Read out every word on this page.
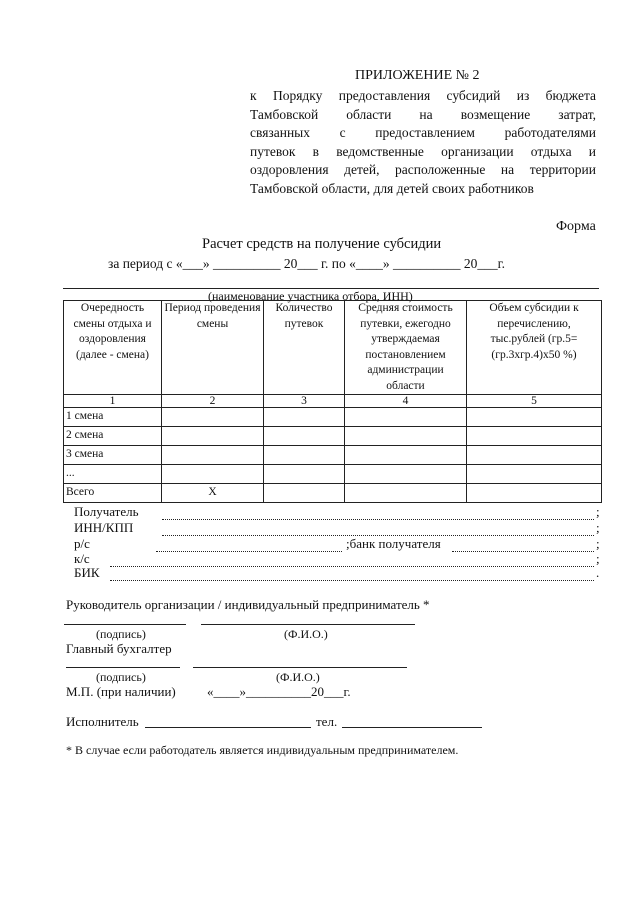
ПРИЛОЖЕНИЕ № 2
к Порядку предоставления субсидий из бюджета
Тамбовской области на возмещение затрат,
связанных с предоставлением работодателями
путевок в ведомственные организации отдыха и
оздоровления детей, расположенные на территории
Тамбовской области, для детей своих работников
Форма
Расчет средств на получение субсидии
за период с «___» __________ 20___ г. по «____» __________ 20___г.
(наименование участника отбора, ИНН)
Очередность смены отдыха и оздоровления (далее - смена)	Период проведения смены	Количество путевок	Средняя стоимость путевки, ежегодно утверждаемая постановлением администрации области	Объем субсидии к перечислению, тыс.рублей (гр.5=(гр.3хгр.4)х50 %)
1	2	3	4	5
1 смена				
2 смена				
3 смена				
...				
Всего	Х			
Получатель	;
ИНН/КПП	;
р/с	;банк получателя	;
к/с	;
БИК	.
Руководитель организации / индивидуальный предприниматель *
(подпись)	(Ф.И.О.)
Главный бухгалтер
(подпись)	(Ф.И.О.)
М.П. (при наличии) «____»__________20___г.
Исполнитель	тел.
* В случае если работодатель является индивидуальным предпринимателем.
